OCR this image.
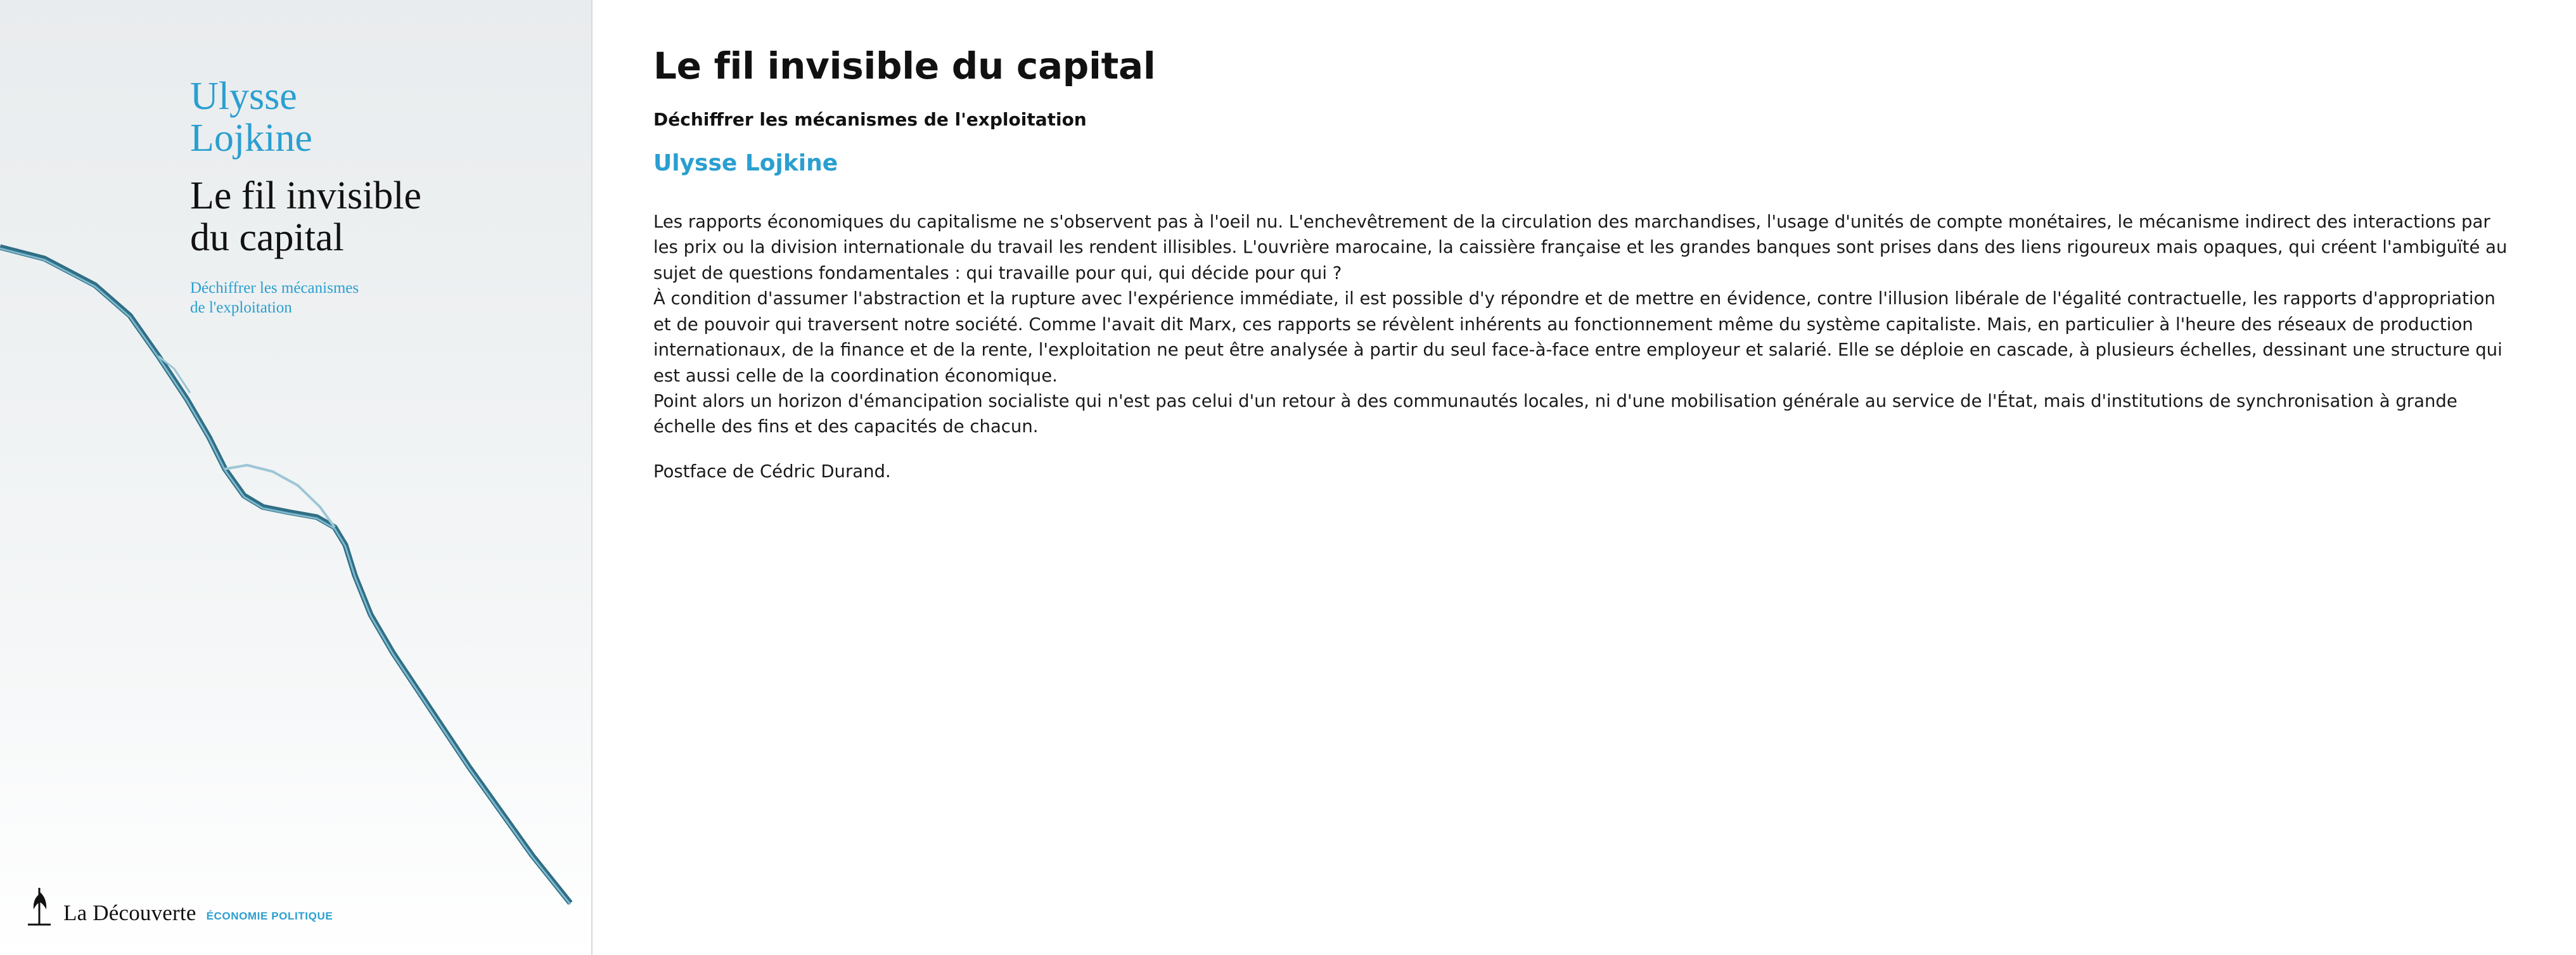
Ulysse
Lojkine
Le fil invisible
du capital
Déchiffrer les mécanismes
de l'exploitation
La Découverte ÉCONOMIE POLITIQUE
Le fil invisible du capital
Déchiffrer les mécanismes de l'exploitation
Ulysse Lojkine

Les rapports économiques du capitalisme ne s'observent pas à l'oeil nu. L'enchevêtrement de la circulation des marchandises, l'usage d'unités de compte monétaires, le mécanisme indirect des interactions par les prix ou la division internationale du travail les rendent illisibles. L'ouvrière marocaine, la caissière française et les grandes banques sont prises dans des liens rigoureux mais opaques, qui créent l'ambiguïté au sujet de questions fondamentales : qui travaille pour qui, qui décide pour qui ?

À condition d'assumer l'abstraction et la rupture avec l'expérience immédiate, il est possible d'y répondre et de mettre en évidence, contre l'illusion libérale de l'égalité contractuelle, les rapports d'appropriation et de pouvoir qui traversent notre société. Comme l'avait dit Marx, ces rapports se révèlent inhérents au fonctionnement même du système capitaliste. Mais, en particulier à l'heure des réseaux de production internationaux, de la finance et de la rente, l'exploitation ne peut être analysée à partir du seul face-à-face entre employeur et salarié. Elle se déploie en cascade, à plusieurs échelles, dessinant une structure qui est aussi celle de la coordination économique.

Point alors un horizon d'émancipation socialiste qui n'est pas celui d'un retour à des communautés locales, ni d'une mobilisation générale au service de l'État, mais d'institutions de synchronisation à grande échelle des fins et des capacités de chacun.

Postface de Cédric Durand.
